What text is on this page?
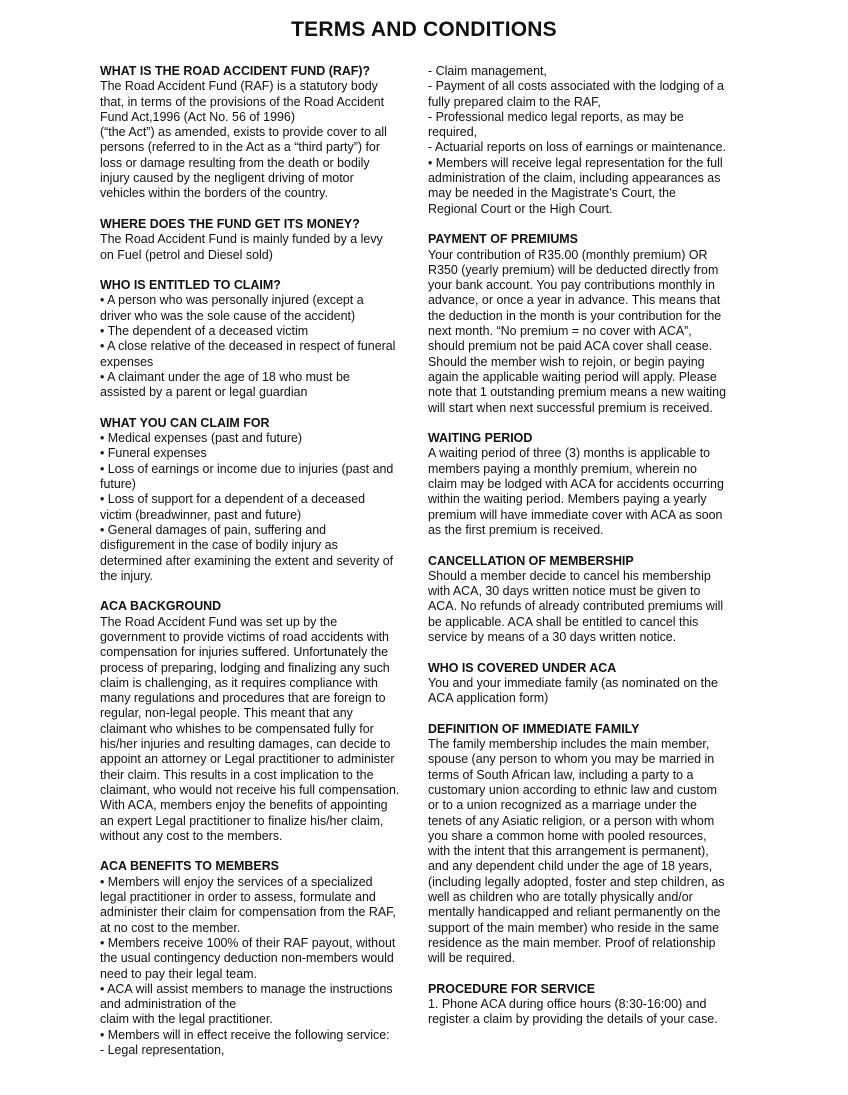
TERMS AND CONDITIONS
WHAT IS THE ROAD ACCIDENT FUND (RAF)?
The Road Accident Fund (RAF) is a statutory body
that, in terms of the provisions of the Road Accident
Fund Act,1996 (Act No. 56 of 1996)
(“the Act”) as amended, exists to provide cover to all
persons (referred to in the Act as a “third party”) for
loss or damage resulting from the death or bodily
injury caused by the negligent driving of motor
vehicles within the borders of the country.
WHERE DOES THE FUND GET ITS MONEY?
The Road Accident Fund is mainly funded by a levy
on Fuel (petrol and Diesel sold)
WHO IS ENTITLED TO CLAIM?
• A person who was personally injured (except a
driver who was the sole cause of the accident)
• The dependent of a deceased victim
• A close relative of the deceased in respect of funeral
expenses
• A claimant under the age of 18 who must be
assisted by a parent or legal guardian
WHAT YOU CAN CLAIM FOR
• Medical expenses (past and future)
• Funeral expenses
• Loss of earnings or income due to injuries (past and
future)
• Loss of support for a dependent of a deceased
victim (breadwinner, past and future)
• General damages of pain, suffering and
disfigurement in the case of bodily injury as
determined after examining the extent and severity of
the injury.
ACA BACKGROUND
The Road Accident Fund was set up by the
government to provide victims of road accidents with
compensation for injuries suffered. Unfortunately the
process of preparing, lodging and finalizing any such
claim is challenging, as it requires compliance with
many regulations and procedures that are foreign to
regular, non-legal people. This meant that any
claimant who whishes to be compensated fully for
his/her injuries and resulting damages, can decide to
appoint an attorney or Legal practitioner to administer
their claim. This results in a cost implication to the
claimant, who would not receive his full compensation.
With ACA, members enjoy the benefits of appointing
an expert Legal practitioner to finalize his/her claim,
without any cost to the members.
ACA BENEFITS TO MEMBERS
• Members will enjoy the services of a specialized
legal practitioner in order to assess, formulate and
administer their claim for compensation from the RAF,
at no cost to the member.
• Members receive 100% of their RAF payout, without
the usual contingency deduction non-members would
need to pay their legal team.
• ACA will assist members to manage the instructions
and administration of the
claim with the legal practitioner.
• Members will in effect receive the following service:
- Legal representation,
- Claim management,
- Payment of all costs associated with the lodging of a
fully prepared claim to the RAF,
- Professional medico legal reports, as may be
required,
- Actuarial reports on loss of earnings or maintenance.
• Members will receive legal representation for the full
administration of the claim, including appearances as
may be needed in the Magistrate’s Court, the
Regional Court or the High Court.
PAYMENT OF PREMIUMS
Your contribution of R35.00 (monthly premium) OR
R350 (yearly premium) will be deducted directly from
your bank account. You pay contributions monthly in
advance, or once a year in advance. This means that
the deduction in the month is your contribution for the
next month. “No premium = no cover with ACA”,
should premium not be paid ACA cover shall cease.
Should the member wish to rejoin, or begin paying
again the applicable waiting period will apply. Please
note that 1 outstanding premium means a new waiting
will start when next successful premium is received.
WAITING PERIOD
A waiting period of three (3) months is applicable to
members paying a monthly premium, wherein no
claim may be lodged with ACA for accidents occurring
within the waiting period. Members paying a yearly
premium will have immediate cover with ACA as soon
as the first premium is received.
CANCELLATION OF MEMBERSHIP
Should a member decide to cancel his membership
with ACA, 30 days written notice must be given to
ACA. No refunds of already contributed premiums will
be applicable. ACA shall be entitled to cancel this
service by means of a 30 days written notice.
WHO IS COVERED UNDER ACA
You and your immediate family (as nominated on the
ACA application form)
DEFINITION OF IMMEDIATE FAMILY
The family membership includes the main member,
spouse (any person to whom you may be married in
terms of South African law, including a party to a
customary union according to ethnic law and custom
or to a union recognized as a marriage under the
tenets of any Asiatic religion, or a person with whom
you share a common home with pooled resources,
with the intent that this arrangement is permanent),
and any dependent child under the age of 18 years,
(including legally adopted, foster and step children, as
well as children who are totally physically and/or
mentally handicapped and reliant permanently on the
support of the main member) who reside in the same
residence as the main member. Proof of relationship
will be required.
PROCEDURE FOR SERVICE
1. Phone ACA during office hours (8:30-16:00) and
register a claim by providing the details of your case.
